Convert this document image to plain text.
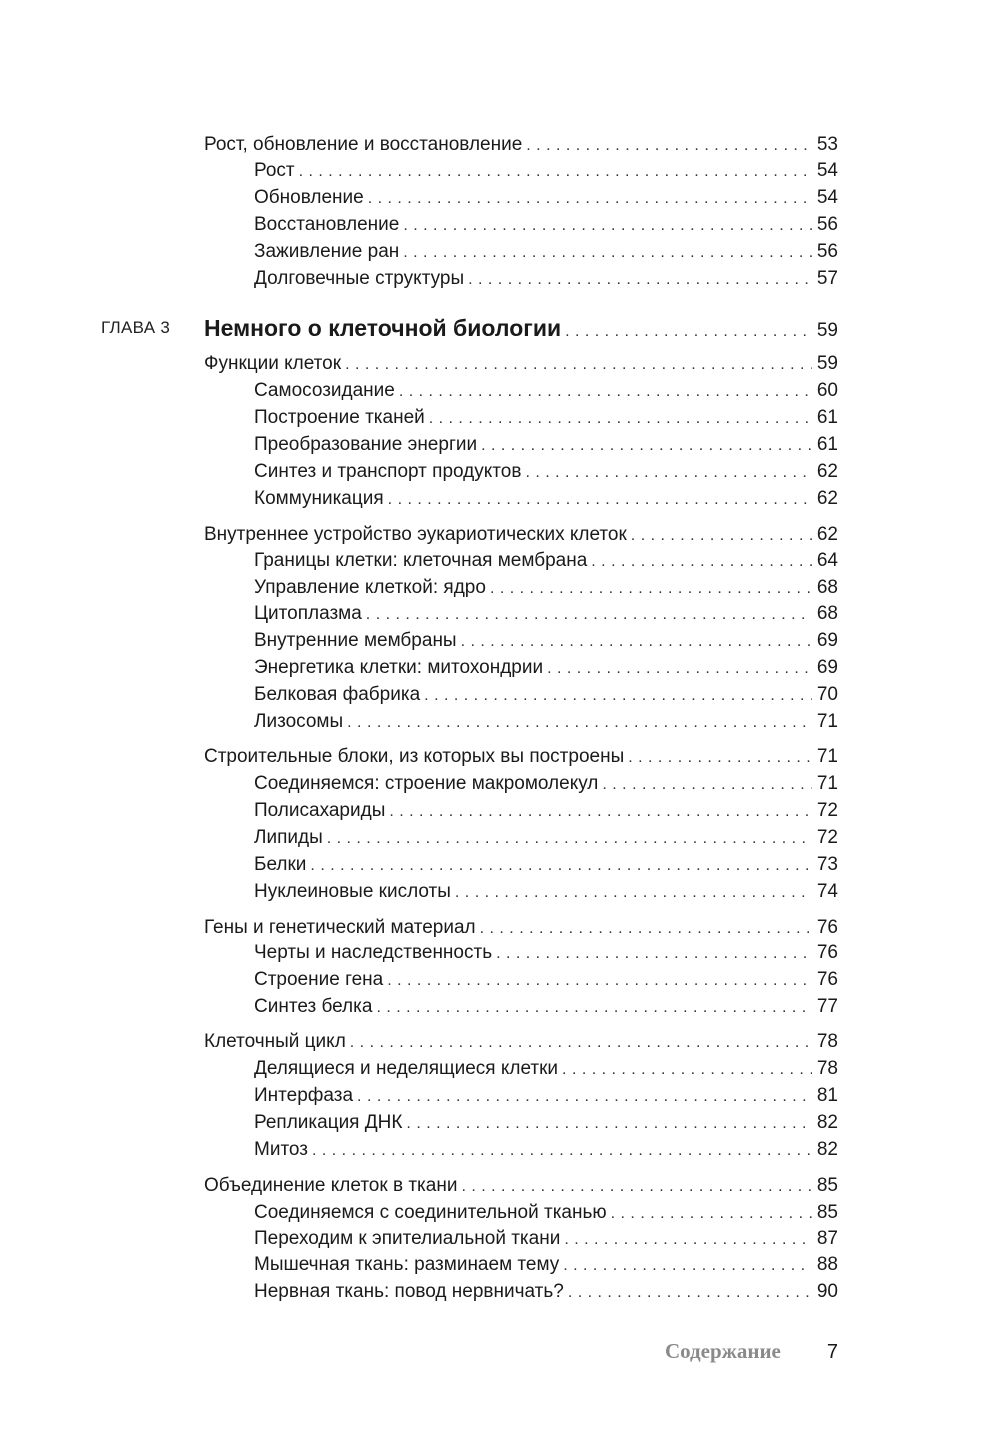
Рост, обновление и восстановление . . .	53
Рост . . .	54
Обновление . . .	54
Восстановление . . .	56
Заживление ран . . .	56
Долговечные структуры . . .	57
ГЛАВА 3 Немного о клеточной биологии . . .	59
Функции клеток . . .	59
Самосозидание . . .	60
Построение тканей . . .	61
Преобразование энергии . . .	61
Синтез и транспорт продуктов . . .	62
Коммуникация . . .	62
Внутреннее устройство эукариотических клеток . . .	62
Границы клетки: клеточная мембрана . . .	64
Управление клеткой: ядро . . .	68
Цитоплазма . . .	68
Внутренние мембраны . . .	69
Энергетика клетки: митохондрии . . .	69
Белковая фабрика . . .	70
Лизосомы . . .	71
Строительные блоки, из которых вы построены . . .	71
Соединяемся: строение макромолекул . . .	71
Полисахариды . . .	72
Липиды . . .	72
Белки . . .	73
Нуклеиновые кислоты . . .	74
Гены и генетический материал . . .	76
Черты и наследственность . . .	76
Строение гена . . .	76
Синтез белка . . .	77
Клеточный цикл . . .	78
Делящиеся и неделящиеся клетки . . .	78
Интерфаза . . .	81
Репликация ДНК . . .	82
Митоз . . .	82
Объединение клеток в ткани . . .	85
Соединяемся с соединительной тканью . . .	85
Переходим к эпителиальной ткани . . .	87
Мышечная ткань: разминаем тему . . .	88
Нервная ткань: повод нервничать? . . .	90
Содержание 7
